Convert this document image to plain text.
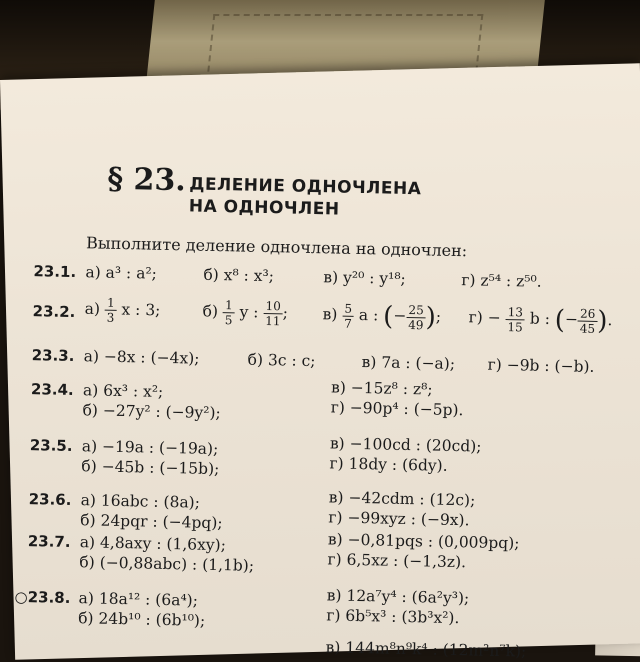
§ 23. ДЕЛЕНИЕ ОДНОЧЛЕНА
НА ОДНОЧЛЕН
Выполните деление одночлена на одночлен:
23.1. а) a³ : a²;	б) x⁸ : x³;	в) y²⁰ : y¹⁸;	г) z⁵⁴ : z⁵⁰.
23.2. $а) \frac{1}{3}$ x : 3;	$б) \frac{1}{5}$ y : $\frac{10}{11}$ ; $в) \frac{5}{7}$ a : (− $\frac{25}{49}$ ); $г) - \frac{13}{15}$ b : (− $\frac{26}{45}$ ).
23.3. а) −8x : (−4x);	б) 3c : c;	в) 7a : (−a); г) −9b : (−b).
23.4. а) 6x³ : x²;
б) −27y² : (−9y²);
в) −15z⁸ : z⁸;
г) −90p⁴ : (−5p).
23.5. а) −19a : (−19a);
б) −45b : (−15b);
в) −100cd : (20cd);
г) 18dy : (6dy).
23.6. а) 16abc : (8a);
б) 24pqr : (−4pq);
в) −42cdm : (12c);
г) −99xyz : (−9x).
23.7. а) 4,8axy : (1,6xy);
б) (−0,88abc) : (1,1b);
в) −0,81pqs : (0,009pq);
г) 6,5xz : (−1,3z).
○23.8. а) 18a¹² : (6a⁴);
б) 24b¹⁰ : (6b¹⁰);
в) 12a⁷y⁴ : (6a²y³);
г) 6b⁵x³ : (3b³x²).
в) 144m⁸n⁹k⁴ : (12m²n⁷k);
